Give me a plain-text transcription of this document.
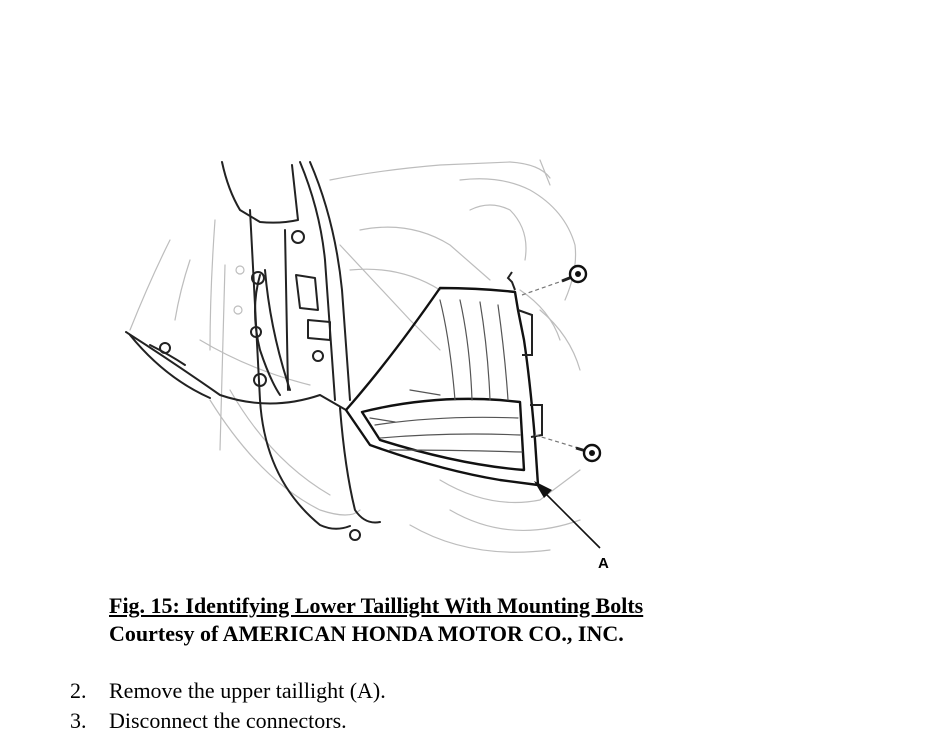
A
Fig. 15: Identifying Lower Taillight With Mounting Bolts
Courtesy of AMERICAN HONDA MOTOR CO., INC.
2.	Remove the upper taillight (A).
3.	Disconnect the connectors.
